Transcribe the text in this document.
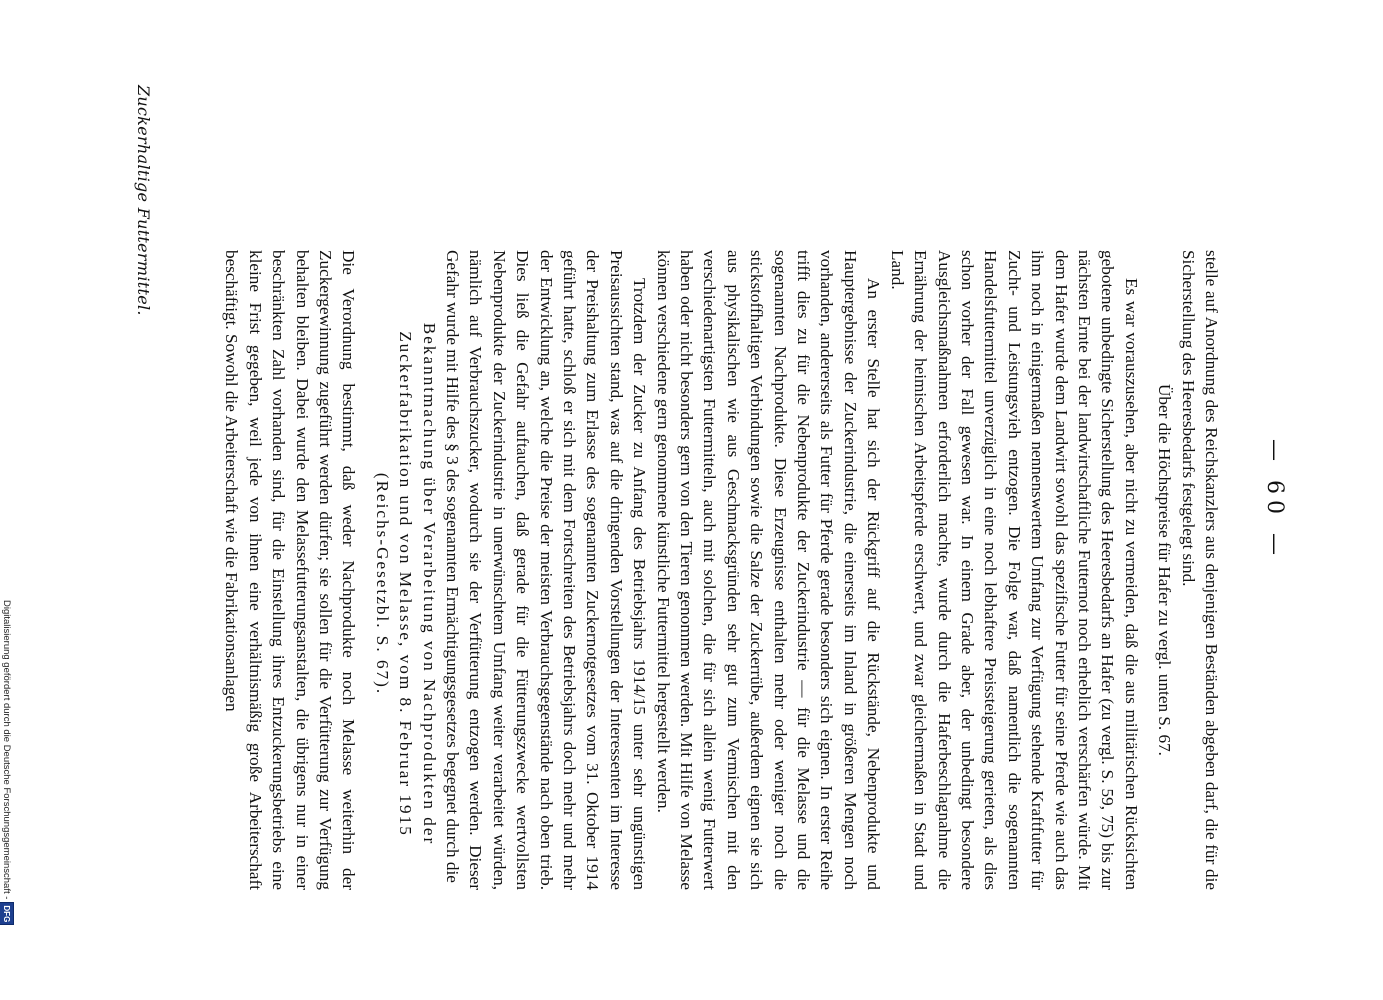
— 60 —
Zuckerhaltige Futtermittel.

stelle auf Anordnung des Reichskanzlers aus denjenigen Beständen abgeben darf, die für die Sicherstellung des Heeresbedarfs festgelegt sind.

Über die Höchstpreise für Hafer zu vergl. unten S. 67.

Es war vorauszusehen, aber nicht zu vermeiden, daß die aus militärischen Rücksichten gebotene unbedingte Sicherstellung des Heeresbedarfs an Hafer (zu vergl. S. 59, 75) bis zur nächsten Ernte bei der landwirtschaftliche Futternot noch erheblich verschärfen würde. Mit dem Hafer wurde dem Landwirt sowohl das spezifische Futter für seine Pferde wie auch das ihm noch in einigermaßen nennenswertem Umfang zur Verfügung stehende Kraftfutter für Zucht- und Leistungsvieh entzogen. Die Folge war, daß namentlich die sogenannten Handelsfuttermittel unverzüglich in eine noch lebhaftere Preissteigerung gerieten, als dies schon vorher der Fall gewesen war. In einem Grade aber, der unbedingt besondere Ausgleichsmaßnahmen erforderlich machte, wurde durch die Haferbeschlagnahme die Ernährung der heimischen Arbeitspferde erschwert, und zwar gleichermaßen in Stadt und Land.

An erster Stelle hat sich der Rückgriff auf die Rückstände, Nebenprodukte und Hauptergebnisse der Zuckerindustrie, die einerseits im Inland in größeren Mengen noch vorhanden, andererseits als Futter für Pferde gerade besonders sich eignen. In erster Reihe trifft dies zu für die Nebenprodukte der Zuckerindustrie — für die Melasse und die sogenannten Nachprodukte. Diese Erzeugnisse enthalten mehr oder weniger noch die stickstoffhaltigen Verbindungen sowie die Salze der Zuckerrübe, außerdem eignen sie sich aus physikalischen wie aus Geschmacksgründen sehr gut zum Vermischen mit den verschiedenartigsten Futtermitteln, auch mit solchen, die für sich allein wenig Futterwert haben oder nicht besonders gern von den Tieren genommen werden. Mit Hilfe von Melasse können verschiedene gern genommene künstliche Futtermittel hergestellt werden.

Trotzdem der Zucker zu Anfang des Betriebsjahrs 1914/15 unter sehr ungünstigen Preisaussichten stand, was auf die dringenden Vorstellungen der Interessenten im Interesse der Preishaltung zum Erlasse des sogenannten Zuckernotgesetzes vom 31. Oktober 1914 geführt hatte, schloß er sich mit dem Fortschreiten des Betriebsjahrs doch mehr und mehr der Entwicklung an, welche die Preise der meisten Verbrauchsgegenstände nach oben trieb. Dies ließ die Gefahr auftauchen, daß gerade für die Fütterungszwecke wertvollsten Nebenprodukte der Zuckerindustrie in unerwünschtem Umfang weiter verarbeitet würden, nämlich auf Verbrauchszucker, wodurch sie der Verfütterung entzogen werden. Dieser Gefahr wurde mit Hilfe des § 3 des sogenannten Ermächtigungsgesetzes begegnet durch die

Bekanntmachung über Verarbeitung von Nachprodukten der

Zuckerfabrikation und von Melasse, vom 8. Februar 1915

(Reichs-Gesetzbl. S. 67).

Die Verordnung bestimmt, daß weder Nachprodukte noch Melasse weiterhin der Zuckergewinnung zugeführt werden dürfen; sie sollen für die Verfütterung zur Verfügung behalten bleiben. Dabei wurde den Melassefutterungsanstalten, die übrigens nur in einer beschränkten Zahl vorhanden sind, für die Einstellung ihres Entzuckerungsbetriebs eine kleine Frist gegeben, weil jede von ihnen eine verhältnismäßig große Arbeiterschaft beschäftigt. Sowohl die Arbeiterschaft wie die Fabrikationsanlagen

Digitalisierung gefördert durch die Deutsche Forschungsgemeinschaft -DFG
